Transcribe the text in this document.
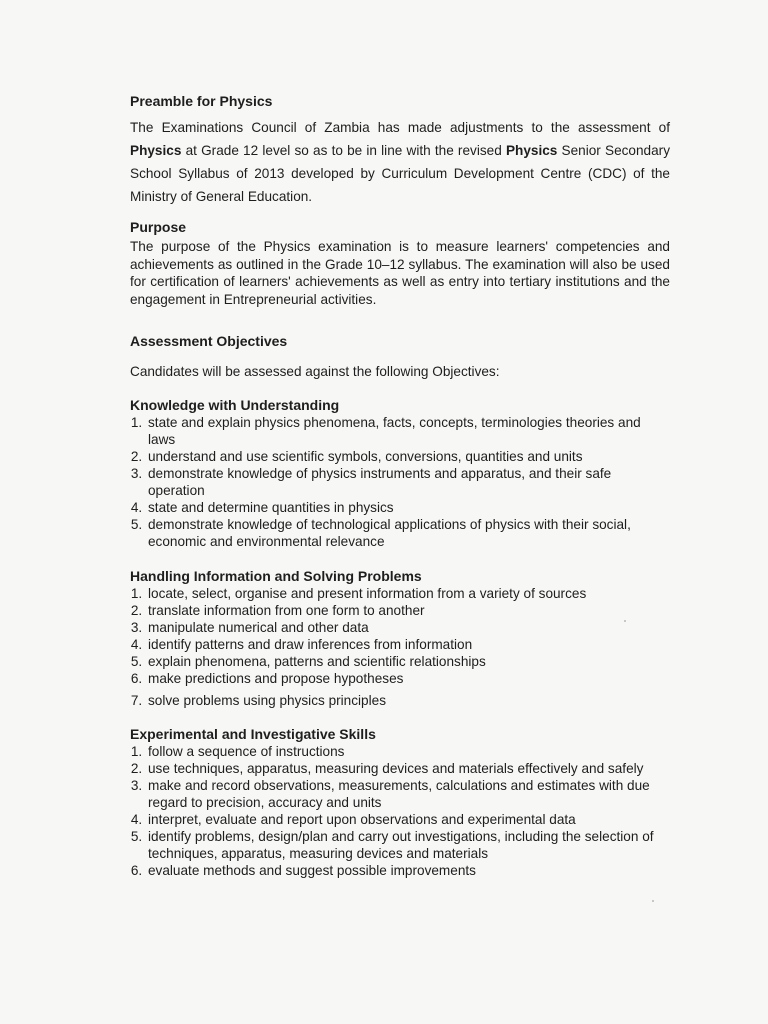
Preamble for Physics

The Examinations Council of Zambia has made adjustments to the assessment of Physics at Grade 12 level so as to be in line with the revised Physics Senior Secondary School Syllabus of 2013 developed by Curriculum Development Centre (CDC) of the Ministry of General Education.

Purpose

The purpose of the Physics examination is to measure learners' competencies and achievements as outlined in the Grade 10–12 syllabus. The examination will also be used for certification of learners' achievements as well as entry into tertiary institutions and the engagement in Entrepreneurial activities.

Assessment Objectives

Candidates will be assessed against the following Objectives:

Knowledge with Understanding
1. state and explain physics phenomena, facts, concepts, terminologies theories and laws
2. understand and use scientific symbols, conversions, quantities and units
3. demonstrate knowledge of physics instruments and apparatus, and their safe operation
4. state and determine quantities in physics
5. demonstrate knowledge of technological applications of physics with their social, economic and environmental relevance
Handling Information and Solving Problems
1. locate, select, organise and present information from a variety of sources
2. translate information from one form to another
3. manipulate numerical and other data
4. identify patterns and draw inferences from information
5. explain phenomena, patterns and scientific relationships
6. make predictions and propose hypotheses
7. solve problems using physics principles
Experimental and Investigative Skills
1. follow a sequence of instructions
2. use techniques, apparatus, measuring devices and materials effectively and safely
3. make and record observations, measurements, calculations and estimates with due regard to precision, accuracy and units
4. interpret, evaluate and report upon observations and experimental data
5. identify problems, design/plan and carry out investigations, including the selection of techniques, apparatus, measuring devices and materials
6. evaluate methods and suggest possible improvements
